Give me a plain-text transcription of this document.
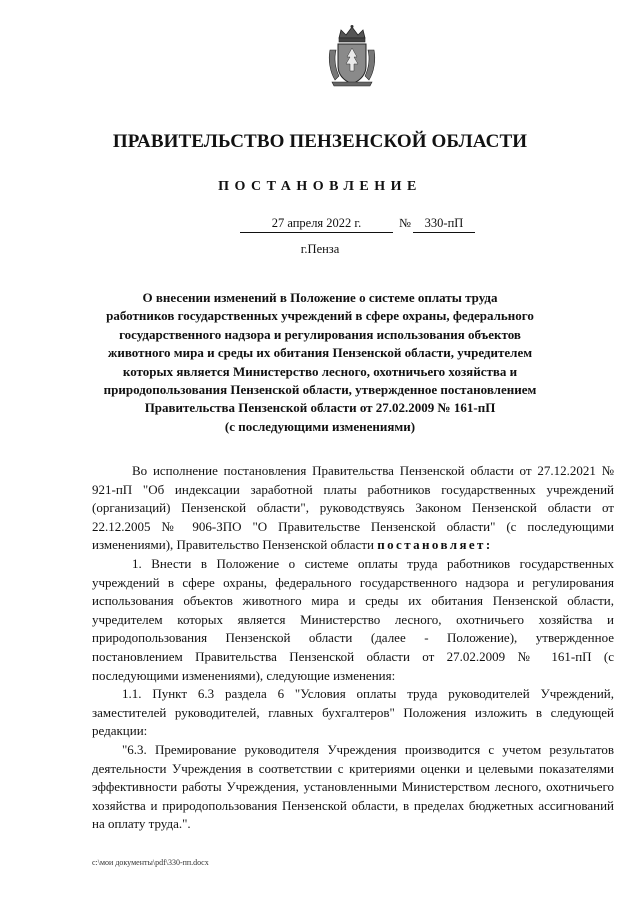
ПРАВИТЕЛЬСТВО ПЕНЗЕНСКОЙ ОБЛАСТИ
ПОСТАНОВЛЕНИЕ
27 апреля 2022 г.	№	330-пП
г.Пенза
О внесении изменений в Положение о системе оплаты труда
работников государственных учреждений в сфере охраны, федерального
государственного надзора и регулирования использования объектов
животного мира и среды их обитания Пензенской области, учредителем
которых является Министерство лесного, охотничьего хозяйства и
природопользования Пензенской области, утвержденное постановлением
Правительства Пензенской области от 27.02.2009 № 161-пП
(с последующими изменениями)

Во исполнение постановления Правительства Пензенской области от 27.12.2021 № 921-пП "Об индексации заработной платы работников государственных учреждений (организаций) Пензенской области", руководствуясь Законом Пензенской области от 22.12.2005 № 906-ЗПО "О Правительстве Пензенской области" (с последующими изменениями), Правительство Пензенской области постановляет:

1. Внести в Положение о системе оплаты труда работников государственных учреждений в сфере охраны, федерального государственного надзора и регулирования использования объектов животного мира и среды их обитания Пензенской области, учредителем которых является Министерство лесного, охотничьего хозяйства и природопользования Пензенской области (далее - Положение), утвержденное постановлением Правительства Пензенской области от 27.02.2009 № 161-пП (с последующими изменениями), следующие изменения:

1.1. Пункт 6.3 раздела 6 "Условия оплаты труда руководителей Учреждений, заместителей руководителей, главных бухгалтеров" Положения изложить в следующей редакции:

"6.3. Премирование руководителя Учреждения производится с учетом результатов деятельности Учреждения в соответствии с критериями оценки и целевыми показателями эффективности работы Учреждения, установленными Министерством лесного, охотничьего хозяйства и природопользования Пензенской области, в пределах бюджетных ассигнований на оплату труда.".

c:\мои документы\pdf\330-пп.docx
